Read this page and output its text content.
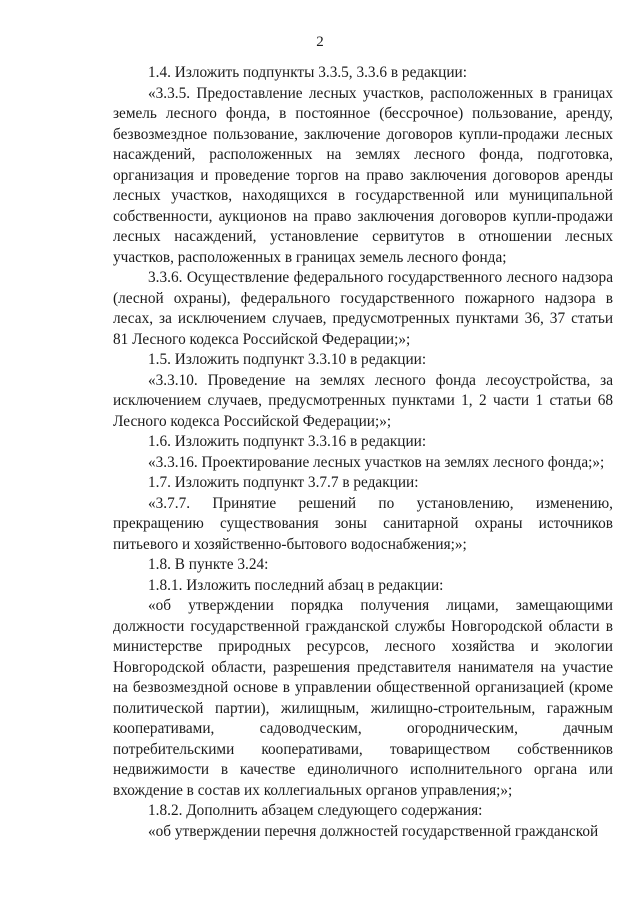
2

1.4. Изложить подпункты 3.3.5, 3.3.6 в редакции:

«3.3.5. Предоставление лесных участков, расположенных в границах земель лесного фонда, в постоянное (бессрочное) пользование, аренду, безвозмездное пользование, заключение договоров купли-продажи лесных насаждений, расположенных на землях лесного фонда, подготовка, организация и проведение торгов на право заключения договоров аренды лесных участков, находящихся в государственной или муниципальной собственности, аукционов на право заключения договоров купли-продажи лесных насаждений, установление сервитутов в отношении лесных участков, расположенных в границах земель лесного фонда;

3.3.6. Осуществление федерального государственного лесного надзора (лесной охраны), федерального государственного пожарного надзора в лесах, за исключением случаев, предусмотренных пунктами 36, 37 статьи 81 Лесного кодекса Российской Федерации;»;

1.5. Изложить подпункт 3.3.10 в редакции:

«3.3.10. Проведение на землях лесного фонда лесоустройства, за исключением случаев, предусмотренных пунктами 1, 2 части 1 статьи 68 Лесного кодекса Российской Федерации;»;

1.6. Изложить подпункт 3.3.16 в редакции:

«3.3.16. Проектирование лесных участков на землях лесного фонда;»;

1.7. Изложить подпункт 3.7.7 в редакции:

«3.7.7. Принятие решений по установлению, изменению, прекращению существования зоны санитарной охраны источников питьевого и хозяйственно-бытового водоснабжения;»;

1.8. В пункте 3.24:

1.8.1. Изложить последний абзац в редакции:

«об утверждении порядка получения лицами, замещающими должности государственной гражданской службы Новгородской области в министерстве природных ресурсов, лесного хозяйства и экологии Новгородской области, разрешения представителя нанимателя на участие на безвозмездной основе в управлении общественной организацией (кроме политической партии), жилищным, жилищно-строительным, гаражным кооперативами, садоводческим, огородническим, дачным потребительскими кооперативами, товариществом собственников недвижимости в качестве единоличного исполнительного органа или вхождение в состав их коллегиальных органов управления;»;

1.8.2. Дополнить абзацем следующего содержания:

«об утверждении перечня должностей государственной гражданской
